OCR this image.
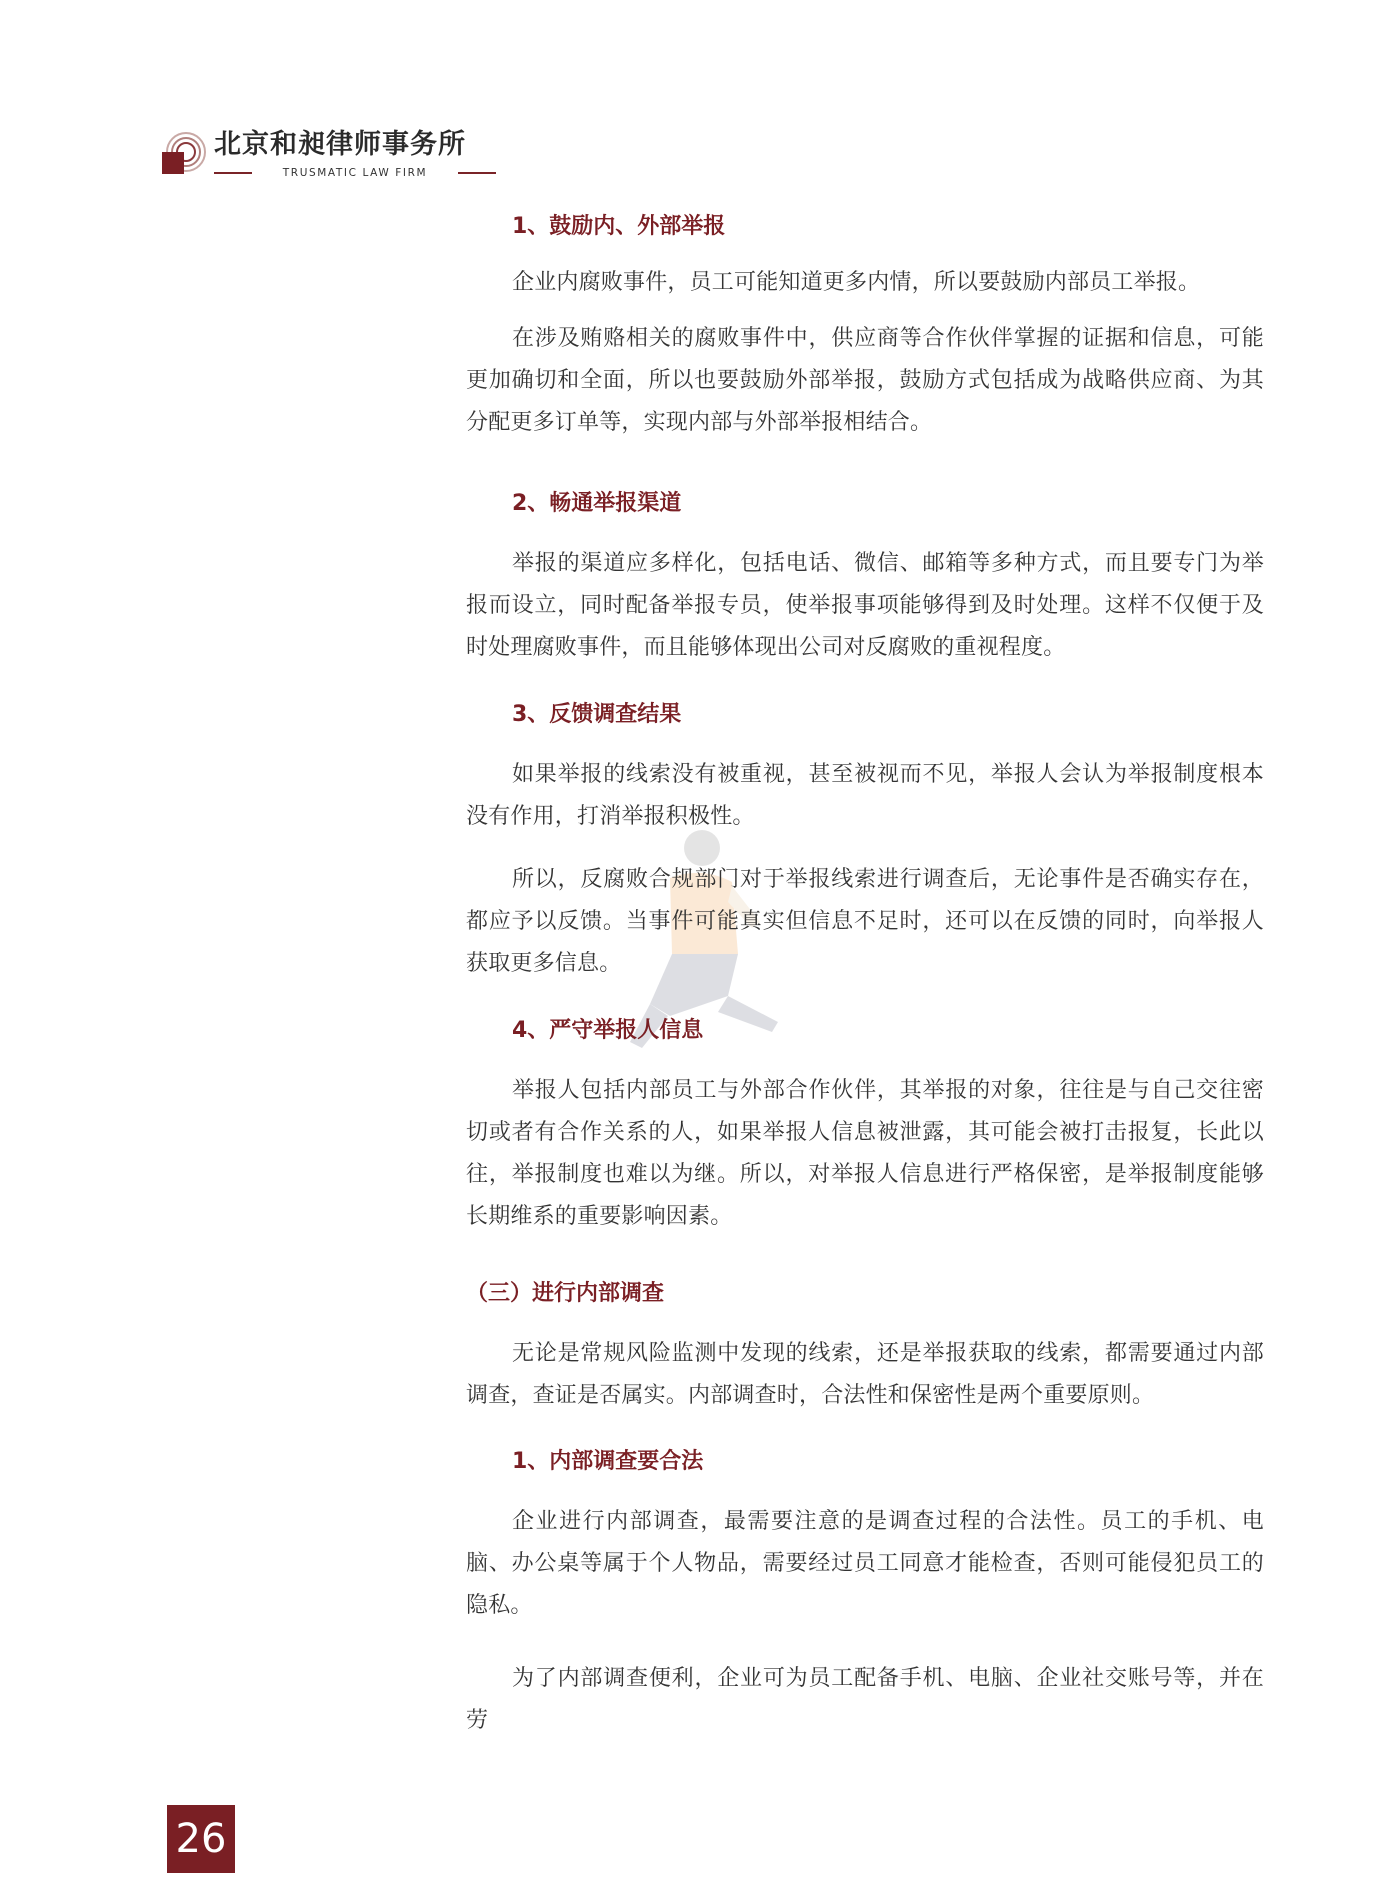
北京和昶律师事务所
TRUSMATIC LAW FIRM
1、鼓励内、外部举报

企业内腐败事件，员工可能知道更多内情，所以要鼓励内部员工举报。

在涉及贿赂相关的腐败事件中，供应商等合作伙伴掌握的证据和信息，可能更加确切和全面，所以也要鼓励外部举报，鼓励方式包括成为战略供应商、为其分配更多订单等，实现内部与外部举报相结合。

2、畅通举报渠道

举报的渠道应多样化，包括电话、微信、邮箱等多种方式，而且要专门为举报而设立，同时配备举报专员，使举报事项能够得到及时处理。这样不仅便于及时处理腐败事件，而且能够体现出公司对反腐败的重视程度。

3、反馈调查结果

如果举报的线索没有被重视，甚至被视而不见，举报人会认为举报制度根本没有作用，打消举报积极性。

所以，反腐败合规部门对于举报线索进行调查后，无论事件是否确实存在，都应予以反馈。当事件可能真实但信息不足时，还可以在反馈的同时，向举报人获取更多信息。

4、严守举报人信息

举报人包括内部员工与外部合作伙伴，其举报的对象，往往是与自己交往密切或者有合作关系的人，如果举报人信息被泄露，其可能会被打击报复，长此以往，举报制度也难以为继。所以，对举报人信息进行严格保密，是举报制度能够长期维系的重要影响因素。

（三）进行内部调查

无论是常规风险监测中发现的线索，还是举报获取的线索，都需要通过内部调查，查证是否属实。内部调查时，合法性和保密性是两个重要原则。

1、内部调查要合法

企业进行内部调查，最需要注意的是调查过程的合法性。员工的手机、电脑、办公桌等属于个人物品，需要经过员工同意才能检查，否则可能侵犯员工的隐私。

为了内部调查便利，企业可为员工配备手机、电脑、企业社交账号等，并在劳

26
